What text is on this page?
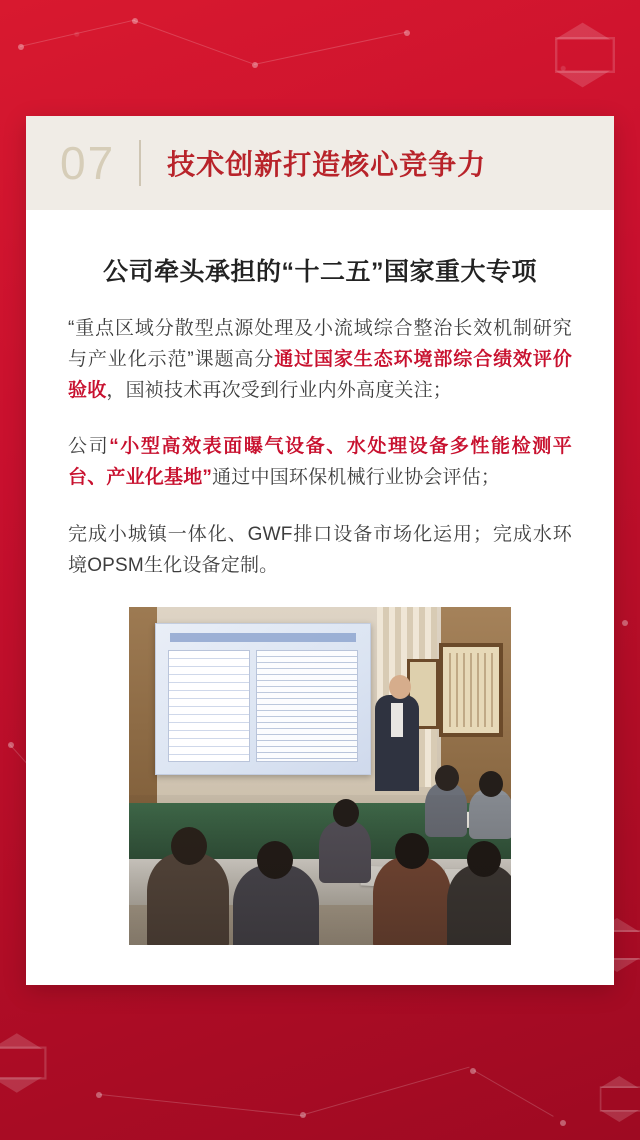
07	技术创新打造核心竞争力
公司牵头承担的“十二五”国家重大专项

“重点区域分散型点源处理及小流域综合整治长效机制研究与产业化示范”课题高分通过国家生态环境部综合绩效评价验收，国祯技术再次受到行业内外高度关注；

公司“小型高效表面曝气设备、水处理设备多性能检测平台、产业化基地”通过中国环保机械行业协会评估；

完成小城镇一体化、GWF排口设备市场化运用；完成水环境OPSM生化设备定制。
